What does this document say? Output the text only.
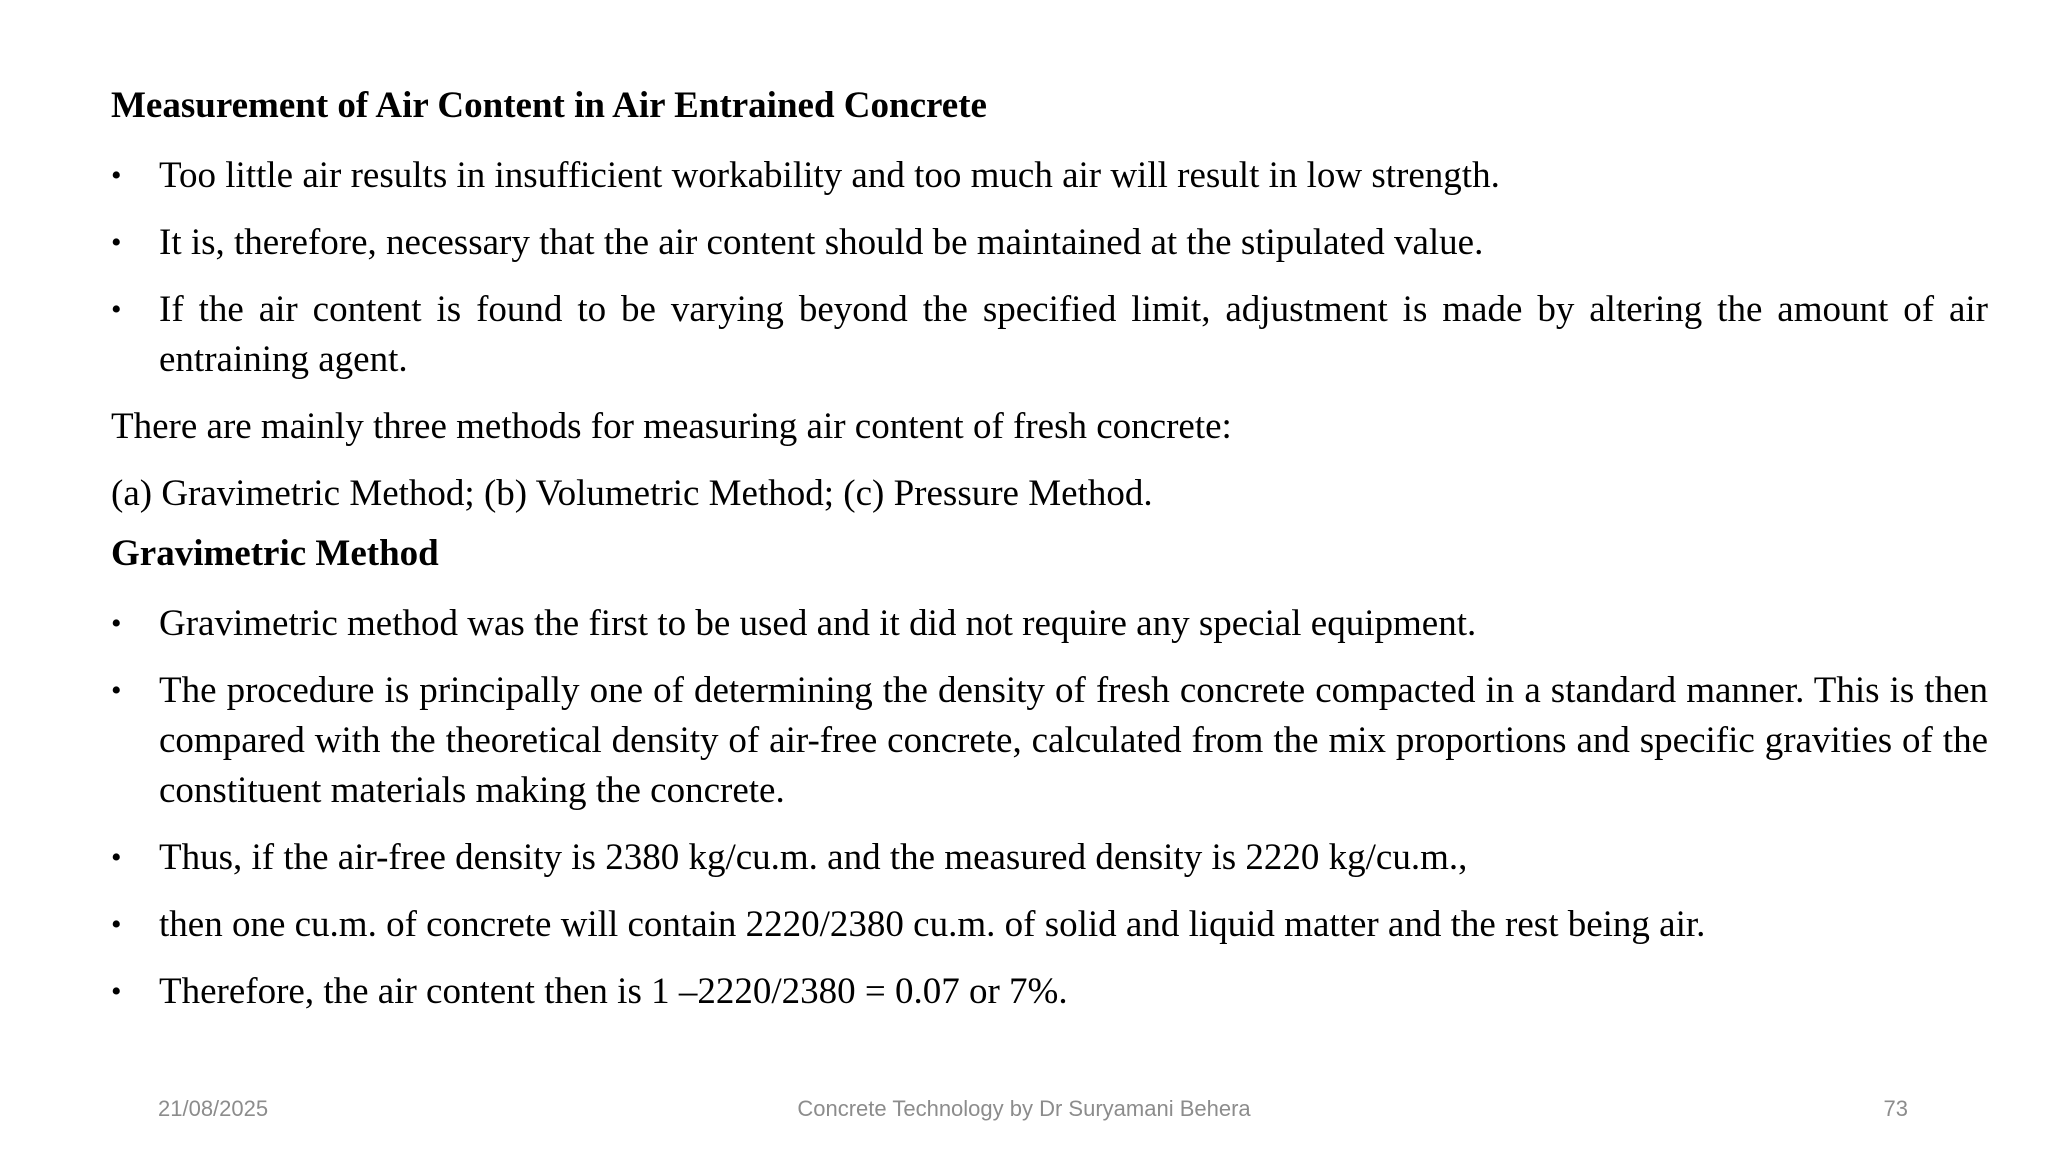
Measurement of Air Content in Air Entrained Concrete
• Too little air results in insufficient workability and too much air will result in low strength.
• It is, therefore, necessary that the air content should be maintained at the stipulated value.
• If the air content is found to be varying beyond the specified limit, adjustment is made by altering the amount of air entraining agent.
There are mainly three methods for measuring air content of fresh concrete:
(a) Gravimetric Method; (b) Volumetric Method; (c) Pressure Method.
Gravimetric Method
• Gravimetric method was the first to be used and it did not require any special equipment.
• The procedure is principally one of determining the density of fresh concrete compacted in a standard manner. This is then compared with the theoretical density of air-free concrete, calculated from the mix proportions and specific gravities of the constituent materials making the concrete.
• Thus, if the air-free density is 2380 kg/cu.m. and the measured density is 2220 kg/cu.m.,
• then one cu.m. of concrete will contain 2220/2380 cu.m. of solid and liquid matter and the rest being air.
• Therefore, the air content then is 1 –2220/2380 = 0.07 or 7%.
21/08/2025	Concrete Technology by Dr Suryamani Behera	73
